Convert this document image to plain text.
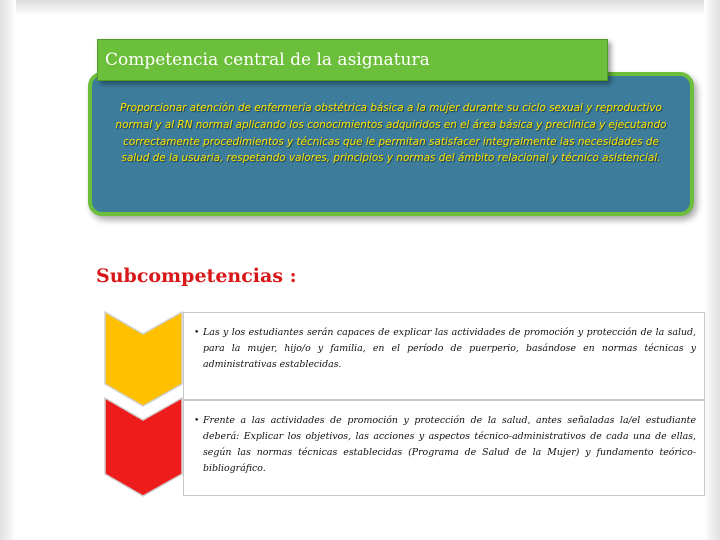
Proporcionar atención de enfermería obstétrica básica a la mujer durante su ciclo sexual y reproductivo normal y al RN normal aplicando los conocimientos adquiridos en el área básica y preclínica y ejecutando correctamente procedimientos y técnicas que le permitan satisfacer integralmente las necesidades de salud de la usuaria, respetando valores, principios y normas del ámbito relacional y técnico asistencial.

Competencia central de la asignatura
Subcompetencias :
• Las y los estudiantes serán capaces de explicar las actividades de promoción y protección de la salud, para la mujer, hijo/o y familia, en el período de puerperio, basándose en normas técnicas y administrativas establecidas.

• Frente a las actividades de promoción y protección de la salud, antes señaladas la/el estudiante deberá: Explicar los objetivos, las acciones y aspectos técnico-administrativos de cada una de ellas, según las normas técnicas establecidas (Programa de Salud de la Mujer) y fundamento teórico- bibliográfico.
